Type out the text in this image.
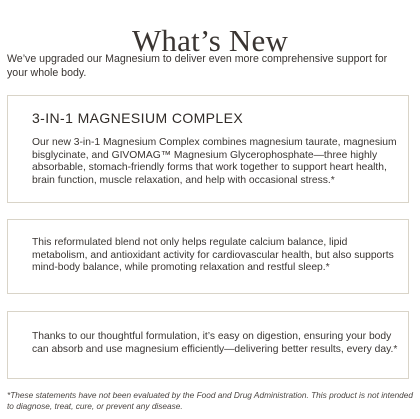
What’s New

We’ve upgraded our Magnesium to deliver even more comprehensive support for your whole body.

3-IN-1 MAGNESIUM COMPLEX

Our new 3-in-1 Magnesium Complex combines magnesium taurate, magnesium bisglycinate, and GIVOMAG™ Magnesium Glycerophosphate—three highly absorbable, stomach-friendly forms that work together to support heart health, brain function, muscle relaxation, and help with occasional stress.*

This reformulated blend not only helps regulate calcium balance, lipid metabolism, and antioxidant activity for cardiovascular health, but also supports mind-body balance, while promoting relaxation and restful sleep.*

Thanks to our thoughtful formulation, it’s easy on digestion, ensuring your body can absorb and use magnesium efficiently—delivering better results, every day.*

*These statements have not been evaluated by the Food and Drug Administration. This product is not intended to diagnose, treat, cure, or prevent any disease.
